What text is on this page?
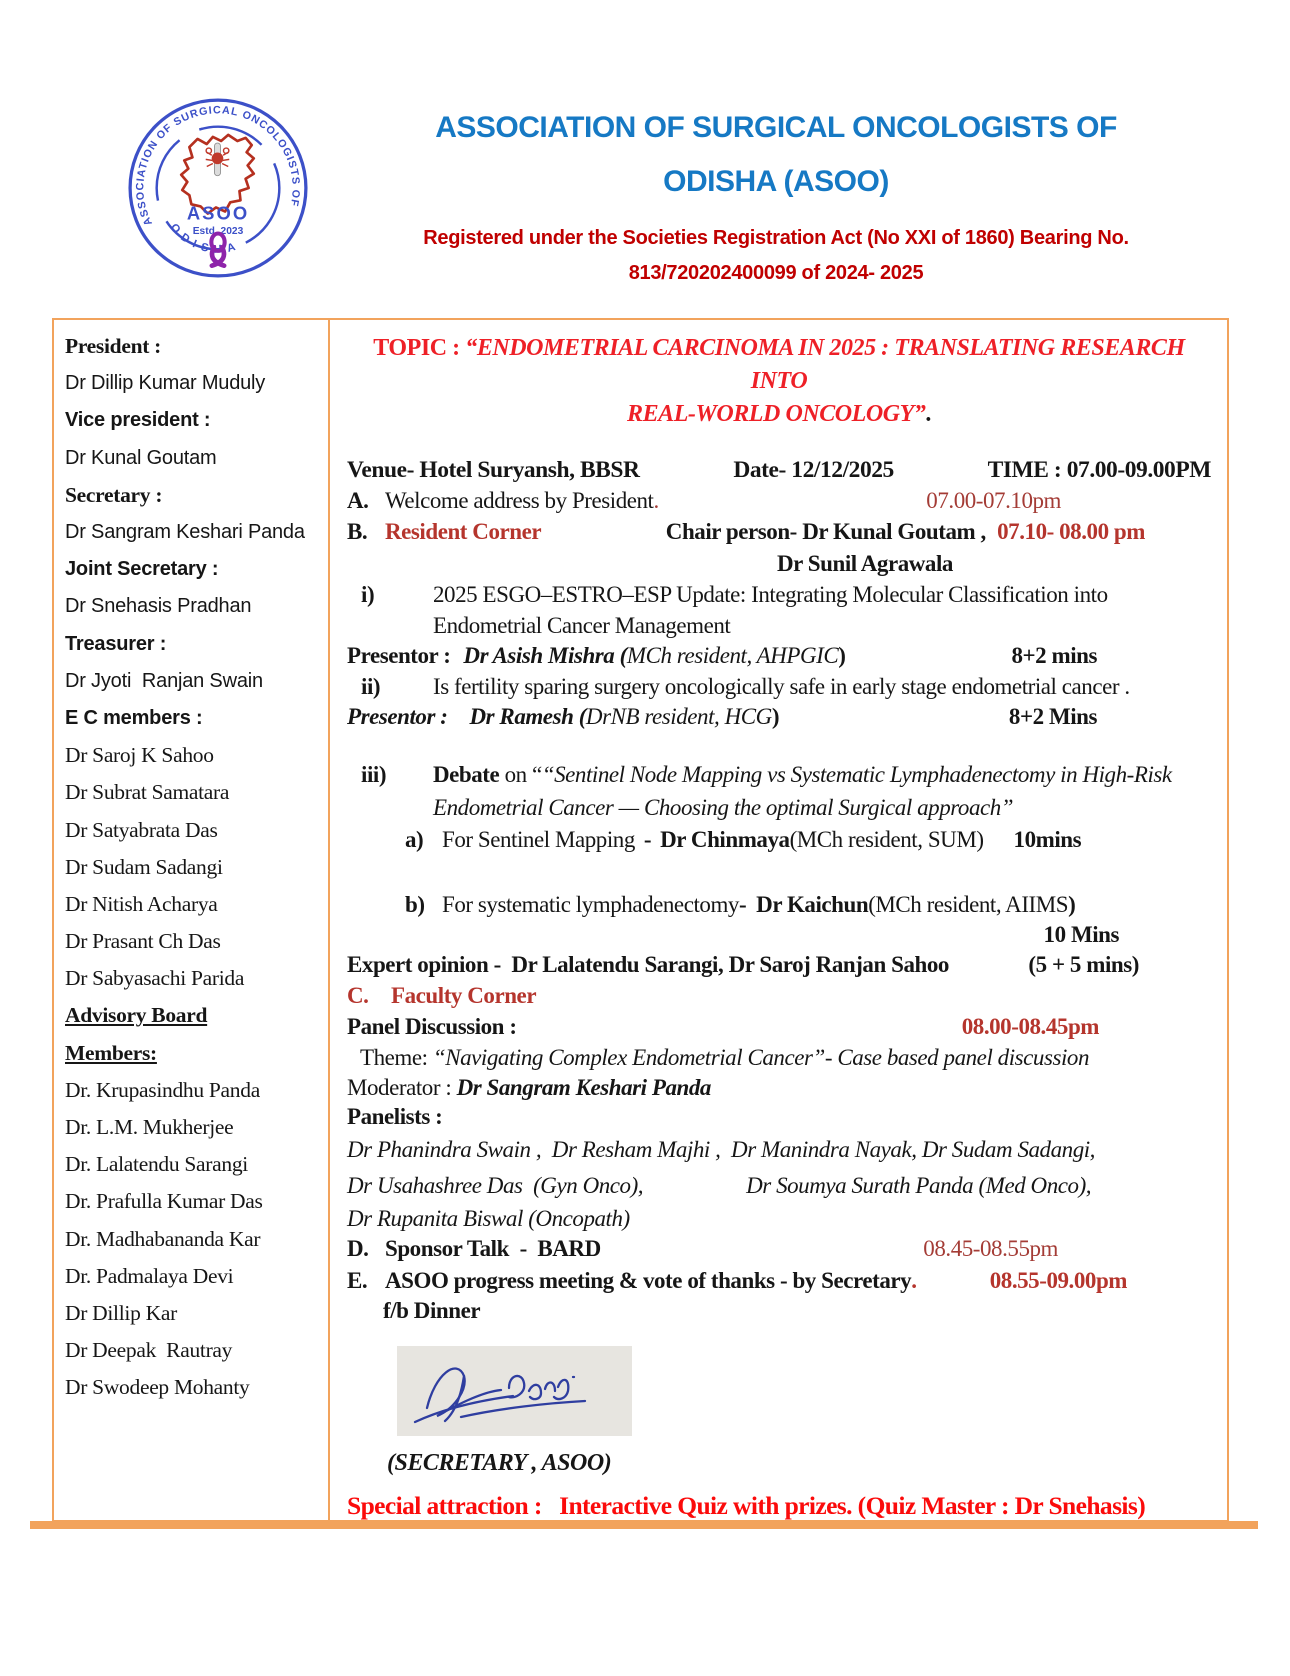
ASSOCIATION OF SURGICAL ONCOLOGISTS OF
ODISHA
ASOO
Estd. 2023
ASSOCIATION OF SURGICAL ONCOLOGISTS OF
ODISHA (ASOO)
Registered under the Societies Registration Act (No XXI of 1860) Bearing No.
813/720202400099 of 2024- 2025
President :
Dr Dillip Kumar Muduly
Vice president :
Dr Kunal Goutam
Secretary :
Dr Sangram Keshari Panda
Joint Secretary :
Dr Snehasis Pradhan
Treasurer :
Dr Jyoti  Ranjan Swain
E C members :
Dr Saroj K Sahoo
Dr Subrat Samatara
Dr Satyabrata Das
Dr Sudam Sadangi
Dr Nitish Acharya
Dr Prasant Ch Das
Dr Sabyasachi Parida
Advisory Board
Members:
Dr. Krupasindhu Panda
Dr. L.M. Mukherjee
Dr. Lalatendu Sarangi
Dr. Prafulla Kumar Das
Dr. Madhabananda Kar
Dr. Padmalaya Devi
Dr Dillip Kar
Dr Deepak  Rautray
Dr Swodeep Mohanty
TOPIC : “ENDOMETRIAL CARCINOMA IN 2025 : TRANSLATING RESEARCH INTO
REAL-WORLD ONCOLOGY”.
Venue- Hotel Suryansh, BBSR	Date- 12/12/2025	TIME : 07.00-09.00PM
A. Welcome address by President .	07.00-07.10pm
B. Resident Corner	Chair person- Dr Kunal Goutam , 07.10- 08.00 pm
Dr Sunil Agrawala
i)	2025 ESGO–ESTRO–ESP Update: Integrating Molecular Classification into Endometrial Cancer Management
Presentor : Dr Asish Mishra ( MCh resident, AHPGIC )	8+2 mins
ii)	Is fertility sparing surgery oncologically safe in early stage endometrial cancer .
Presentor : Dr Ramesh ( DrNB resident, HCG )	8+2 Mins
iii)	Debate on ““Sentinel Node Mapping vs Systematic Lymphadenectomy in High-Risk Endometrial Cancer — Choosing the optimal Surgical approach”
a) For Sentinel Mapping - Dr Chinmaya (MCh resident, SUM) 10mins
b) For systematic lymphadenectomy - Dr Kaichun (MCh resident, AIIMS )
10 Mins
Expert opinion -  Dr Lalatendu Sarangi, Dr Saroj Ranjan Sahoo	(5 + 5 mins)
C. Faculty Corner
Panel Discussion :	08.00-08.45pm
Theme: “Navigating Complex Endometrial Cancer”- Case based panel discussion
Moderator : Dr Sangram Keshari Panda
Panelists :
Dr Phanindra Swain ,  Dr Resham Majhi ,  Dr Manindra Nayak, Dr Sudam Sadangi,
Dr Usahashree Das  (Gyn Onco),	Dr Soumya Surath Panda (Med Onco),
Dr Rupanita Biswal (Oncopath)
D. Sponsor Talk  -  BARD	08.45-08.55pm
E. ASOO progress meeting & vote of thanks - by Secretary .	08.55-09.00pm
f/b Dinner
(SECRETARY , ASOO)
Special attraction :   Interactive Quiz with prizes. (Quiz Master : Dr Snehasis)
